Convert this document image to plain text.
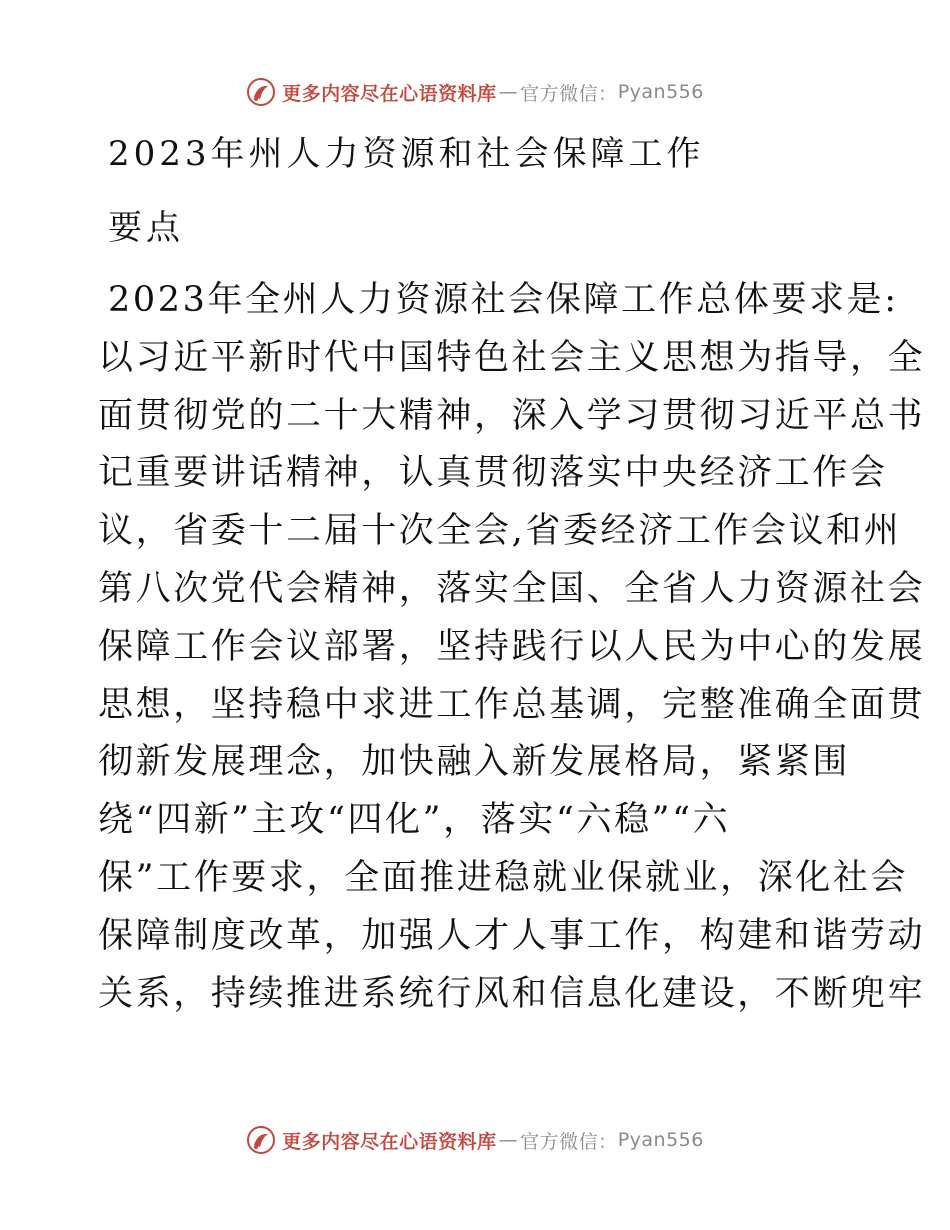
更多内容尽在心语资料库 — 官方微信： Pyan556
2023年州人力资源和社会保障工作
要点
2023年全州人力资源社会保障工作总体要求是:
以习近平新时代中国特色社会主义思想为指导，全
面贯彻党的二十大精神，深入学习贯彻习近平总书
记重要讲话精神，认真贯彻落实中央经济工作会
议，省委十二届十次全会,省委经济工作会议和州
第八次党代会精神，落实全国、全省人力资源社会
保障工作会议部署，坚持践行以人民为中心的发展
思想，坚持稳中求进工作总基调，完整准确全面贯
彻新发展理念，加快融入新发展格局，紧紧围
绕“四新”主攻“四化”，落实“六稳”“六
保”工作要求，全面推进稳就业保就业，深化社会
保障制度改革，加强人才人事工作，构建和谐劳动
关系，持续推进系统行风和信息化建设，不断兜牢
更多内容尽在心语资料库 — 官方微信： Pyan556
